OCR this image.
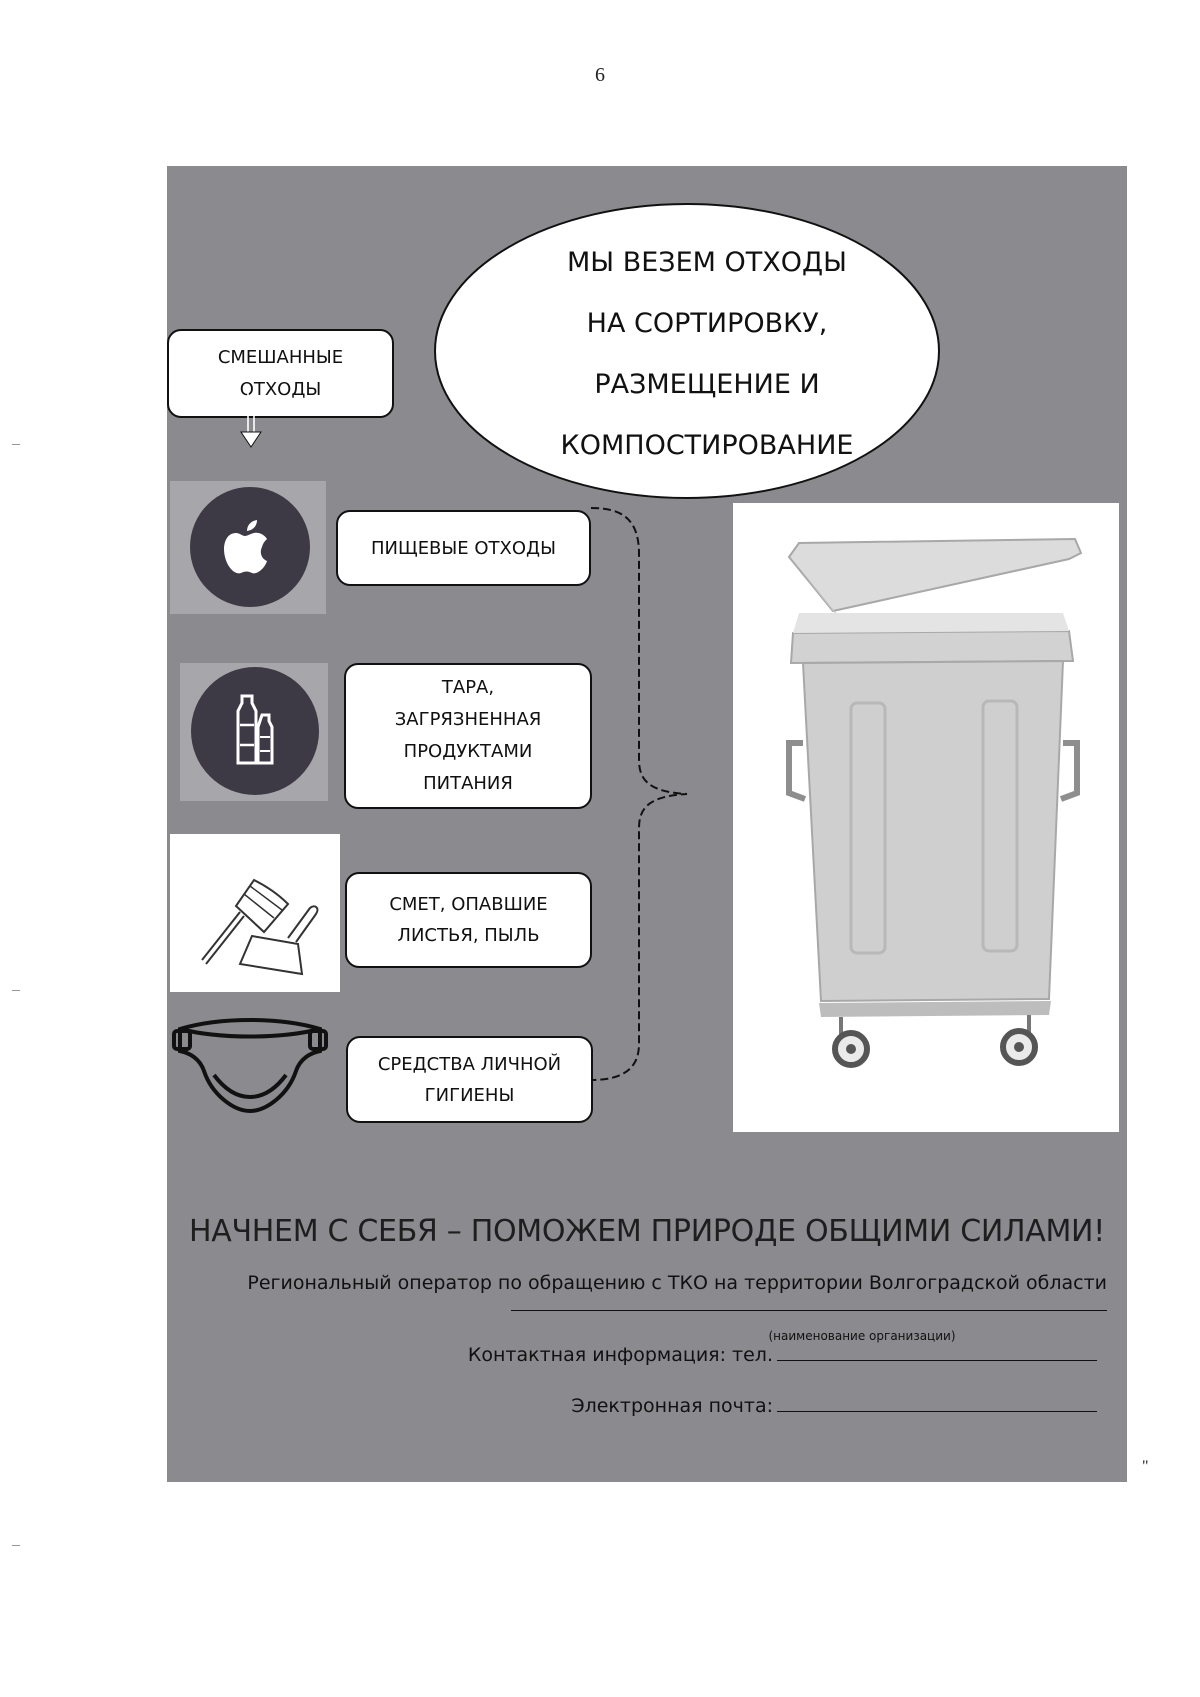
6
СМЕШАННЫЕ
ОТХОДЫ
МЫ ВЕЗЕМ ОТХОДЫ
НА СОРТИРОВКУ,
РАЗМЕЩЕНИЕ И
КОМПОСТИРОВАНИЕ
ПИЩЕВЫЕ ОТХОДЫ
ТАРА,
ЗАГРЯЗНЕННАЯ
ПРОДУКТАМИ
ПИТАНИЯ
СМЕТ, ОПАВШИЕ
ЛИСТЬЯ, ПЫЛЬ
СРЕДСТВА ЛИЧНОЙ
ГИГИЕНЫ
НАЧНЕМ С СЕБЯ – ПОМОЖЕМ ПРИРОДЕ ОБЩИМИ СИЛАМИ!
Региональный оператор по обращению с ТКО на территории Волгоградской области
(наименование организации)
Контактная информация: тел.
Электронная почта:
"
